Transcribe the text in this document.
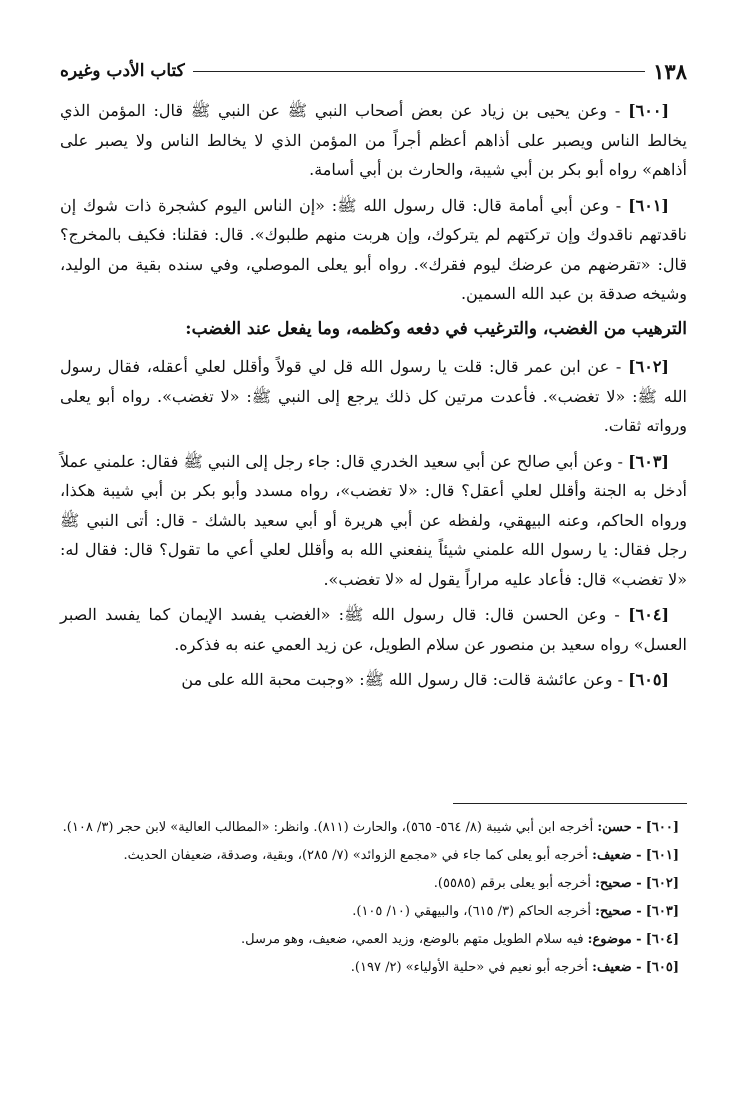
١٣٨
كتاب الأدب وغيره

[٦٠٠] - وعن يحيى بن زياد عن بعض أصحاب النبي ﷺ عن النبي ﷺ قال: المؤمن الذي يخالط الناس ويصبر على أذاهم أعظم أجراً من المؤمن الذي لا يخالط الناس ولا يصبر على أذاهم» رواه أبو بكر بن أبي شيبة، والحارث بن أبي أسامة.

[٦٠١] - وعن أبي أمامة قال: قال رسول الله ﷺ: «إن الناس اليوم كشجرة ذات شوك إن ناقدتهم ناقدوك وإن تركتهم لم يتركوك، وإن هربت منهم طلبوك». قال: فقلنا: فكيف بالمخرج؟ قال: «تقرضهم من عرضك ليوم فقرك». رواه أبو يعلى الموصلي، وفي سنده بقية من الوليد، وشيخه صدقة بن عبد الله السمين.

الترهيب من الغضب، والترغيب في دفعه وكظمه، وما يفعل عند الغضب:

[٦٠٢] - عن ابن عمر قال: قلت يا رسول الله قل لي قولاً وأقلل لعلي أعقله، فقال رسول الله ﷺ: «لا تغضب». فأعدت مرتين كل ذلك يرجع إلى النبي ﷺ: «لا تغضب». رواه أبو يعلى ورواته ثقات.

[٦٠٣] - وعن أبي صالح عن أبي سعيد الخدري قال: جاء رجل إلى النبي ﷺ فقال: علمني عملاً أدخل به الجنة وأقلل لعلي أعقل؟ قال: «لا تغضب»، رواه مسدد وأبو بكر بن أبي شيبة هكذا، ورواه الحاكم، وعنه البيهقي، ولفظه عن أبي هريرة أو أبي سعيد بالشك - قال: أتى النبي ﷺ رجل فقال: يا رسول الله علمني شيئاً ينفعني الله به وأقلل لعلي أعي ما تقول؟ قال: فقال له: «لا تغضب» قال: فأعاد عليه مراراً يقول له «لا تغضب».

[٦٠٤] - وعن الحسن قال: قال رسول الله ﷺ: «الغضب يفسد الإيمان كما يفسد الصبر العسل» رواه سعيد بن منصور عن سلام الطويل، عن زيد العمي عنه به فذكره.

[٦٠٥] - وعن عائشة قالت: قال رسول الله ﷺ: «وجبت محبة الله على من

[٦٠٠] - حسن: أخرجه ابن أبي شيبة (٨/ ٥٦٤- ٥٦٥)، والحارث (٨١١). وانظر: «المطالب العالية» لابن حجر (٣/ ١٠٨).

[٦٠١] - ضعيف: أخرجه أبو يعلى كما جاء في «مجمع الزوائد» (٧/ ٢٨٥)، وبقية، وصدقة، ضعيفان الحديث.

[٦٠٢] - صحيح: أخرجه أبو يعلى برقم (٥٥٨٥).

[٦٠٣] - صحيح: أخرجه الحاكم (٣/ ٦١٥)، والبيهقي (١٠/ ١٠٥).

[٦٠٤] - موضوع: فيه سلام الطويل متهم بالوضع، وزيد العمي، ضعيف، وهو مرسل.

[٦٠٥] - ضعيف: أخرجه أبو نعيم في «حلية الأولياء» (٢/ ١٩٧).
